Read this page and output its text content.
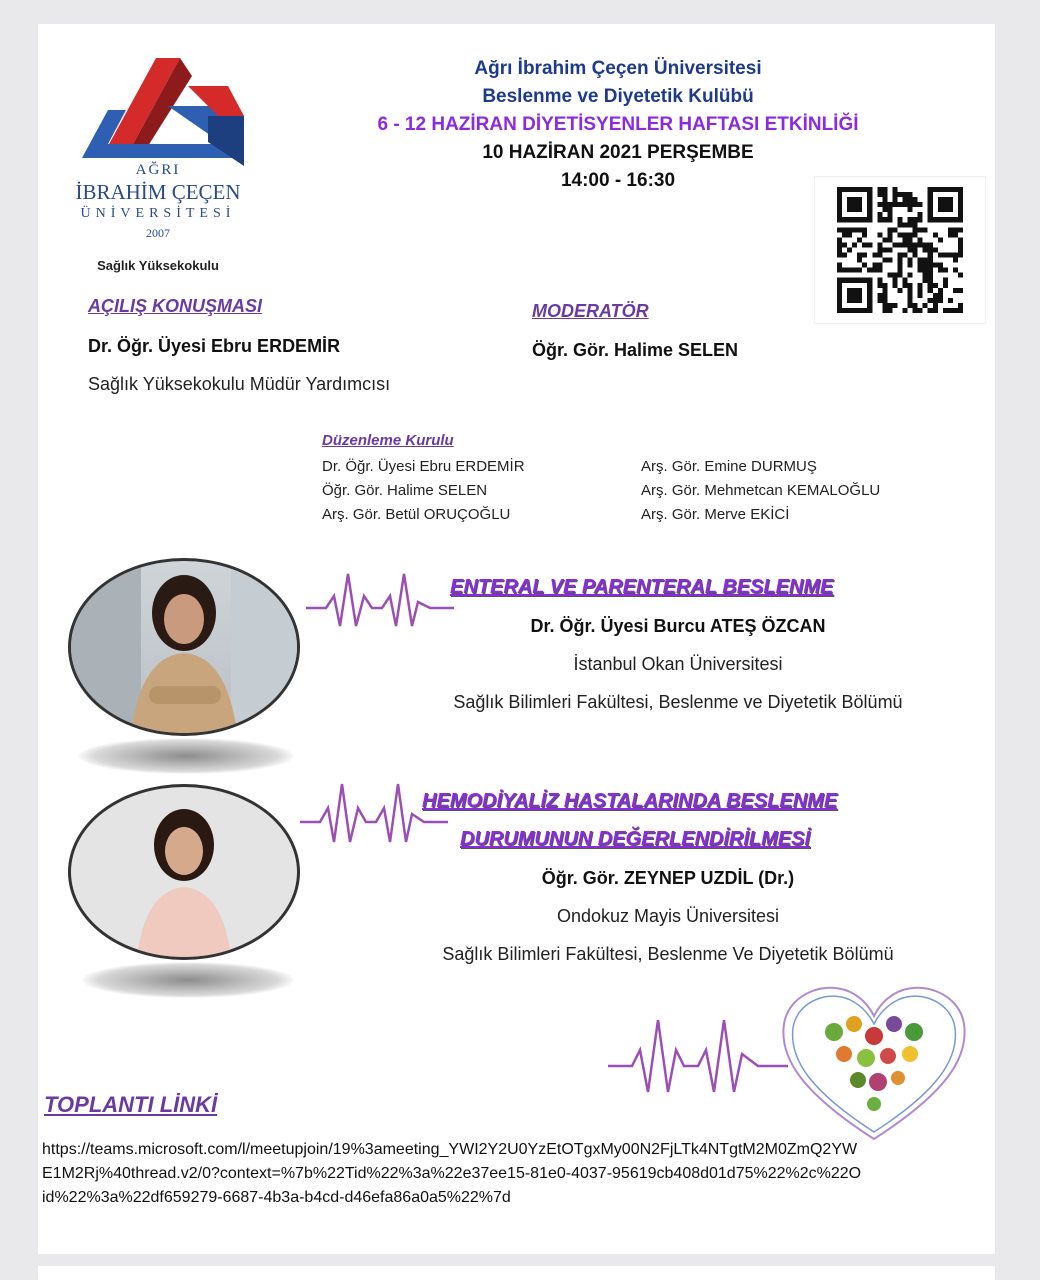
AĞRI
İBRAHİM ÇEÇEN
ÜNİVERSİTESİ
2007
Sağlık Yüksekokulu
Ağrı İbrahim Çeçen Üniversitesi
Beslenme ve Diyetetik Kulübü
6 - 12 HAZİRAN DİYETİSYENLER HAFTASI ETKİNLİĞİ
10 HAZİRAN 2021 PERŞEMBE
14:00 - 16:30
AÇILIŞ KONUŞMASI
Dr. Öğr. Üyesi Ebru ERDEMİR
Sağlık Yüksekokulu Müdür Yardımcısı
MODERATÖR
Öğr. Gör. Halime SELEN
Düzenleme Kurulu
Dr. Öğr. Üyesi Ebru ERDEMİR
Öğr. Gör. Halime SELEN
Arş. Gör. Betül ORUÇOĞLU
Arş. Gör. Emine DURMUŞ
Arş. Gör. Mehmetcan KEMALOĞLU
Arş. Gör. Merve EKİCİ
ENTERAL VE PARENTERAL BESLENME
Dr. Öğr. Üyesi Burcu ATEŞ ÖZCAN
İstanbul Okan Üniversitesi
Sağlık Bilimleri Fakültesi, Beslenme ve Diyetetik Bölümü
HEMODİYALİZ HASTALARINDA BESLENME
DURUMUNUN DEĞERLENDİRİLMESİ
Öğr. Gör. ZEYNEP UZDİL (Dr.)
Ondokuz Mayis Üniversitesi
Sağlık Bilimleri Fakültesi, Beslenme Ve Diyetetik Bölümü
TOPLANTI LİNKİ
https://teams.microsoft.com/l/meetupjoin/19%3ameeting_YWI2Y2U0YzEtOTgxMy00N2FjLTk4NTgtM2M0ZmQ2YWE1M2Rj%40thread.v2/0?context=%7b%22Tid%22%3a%22e37ee15-81e0-4037-95619cb408d01d75%22%2c%22Oid%22%3a%22df659279-6687-4b3a-b4cd-d46efa86a0a5%22%7d
